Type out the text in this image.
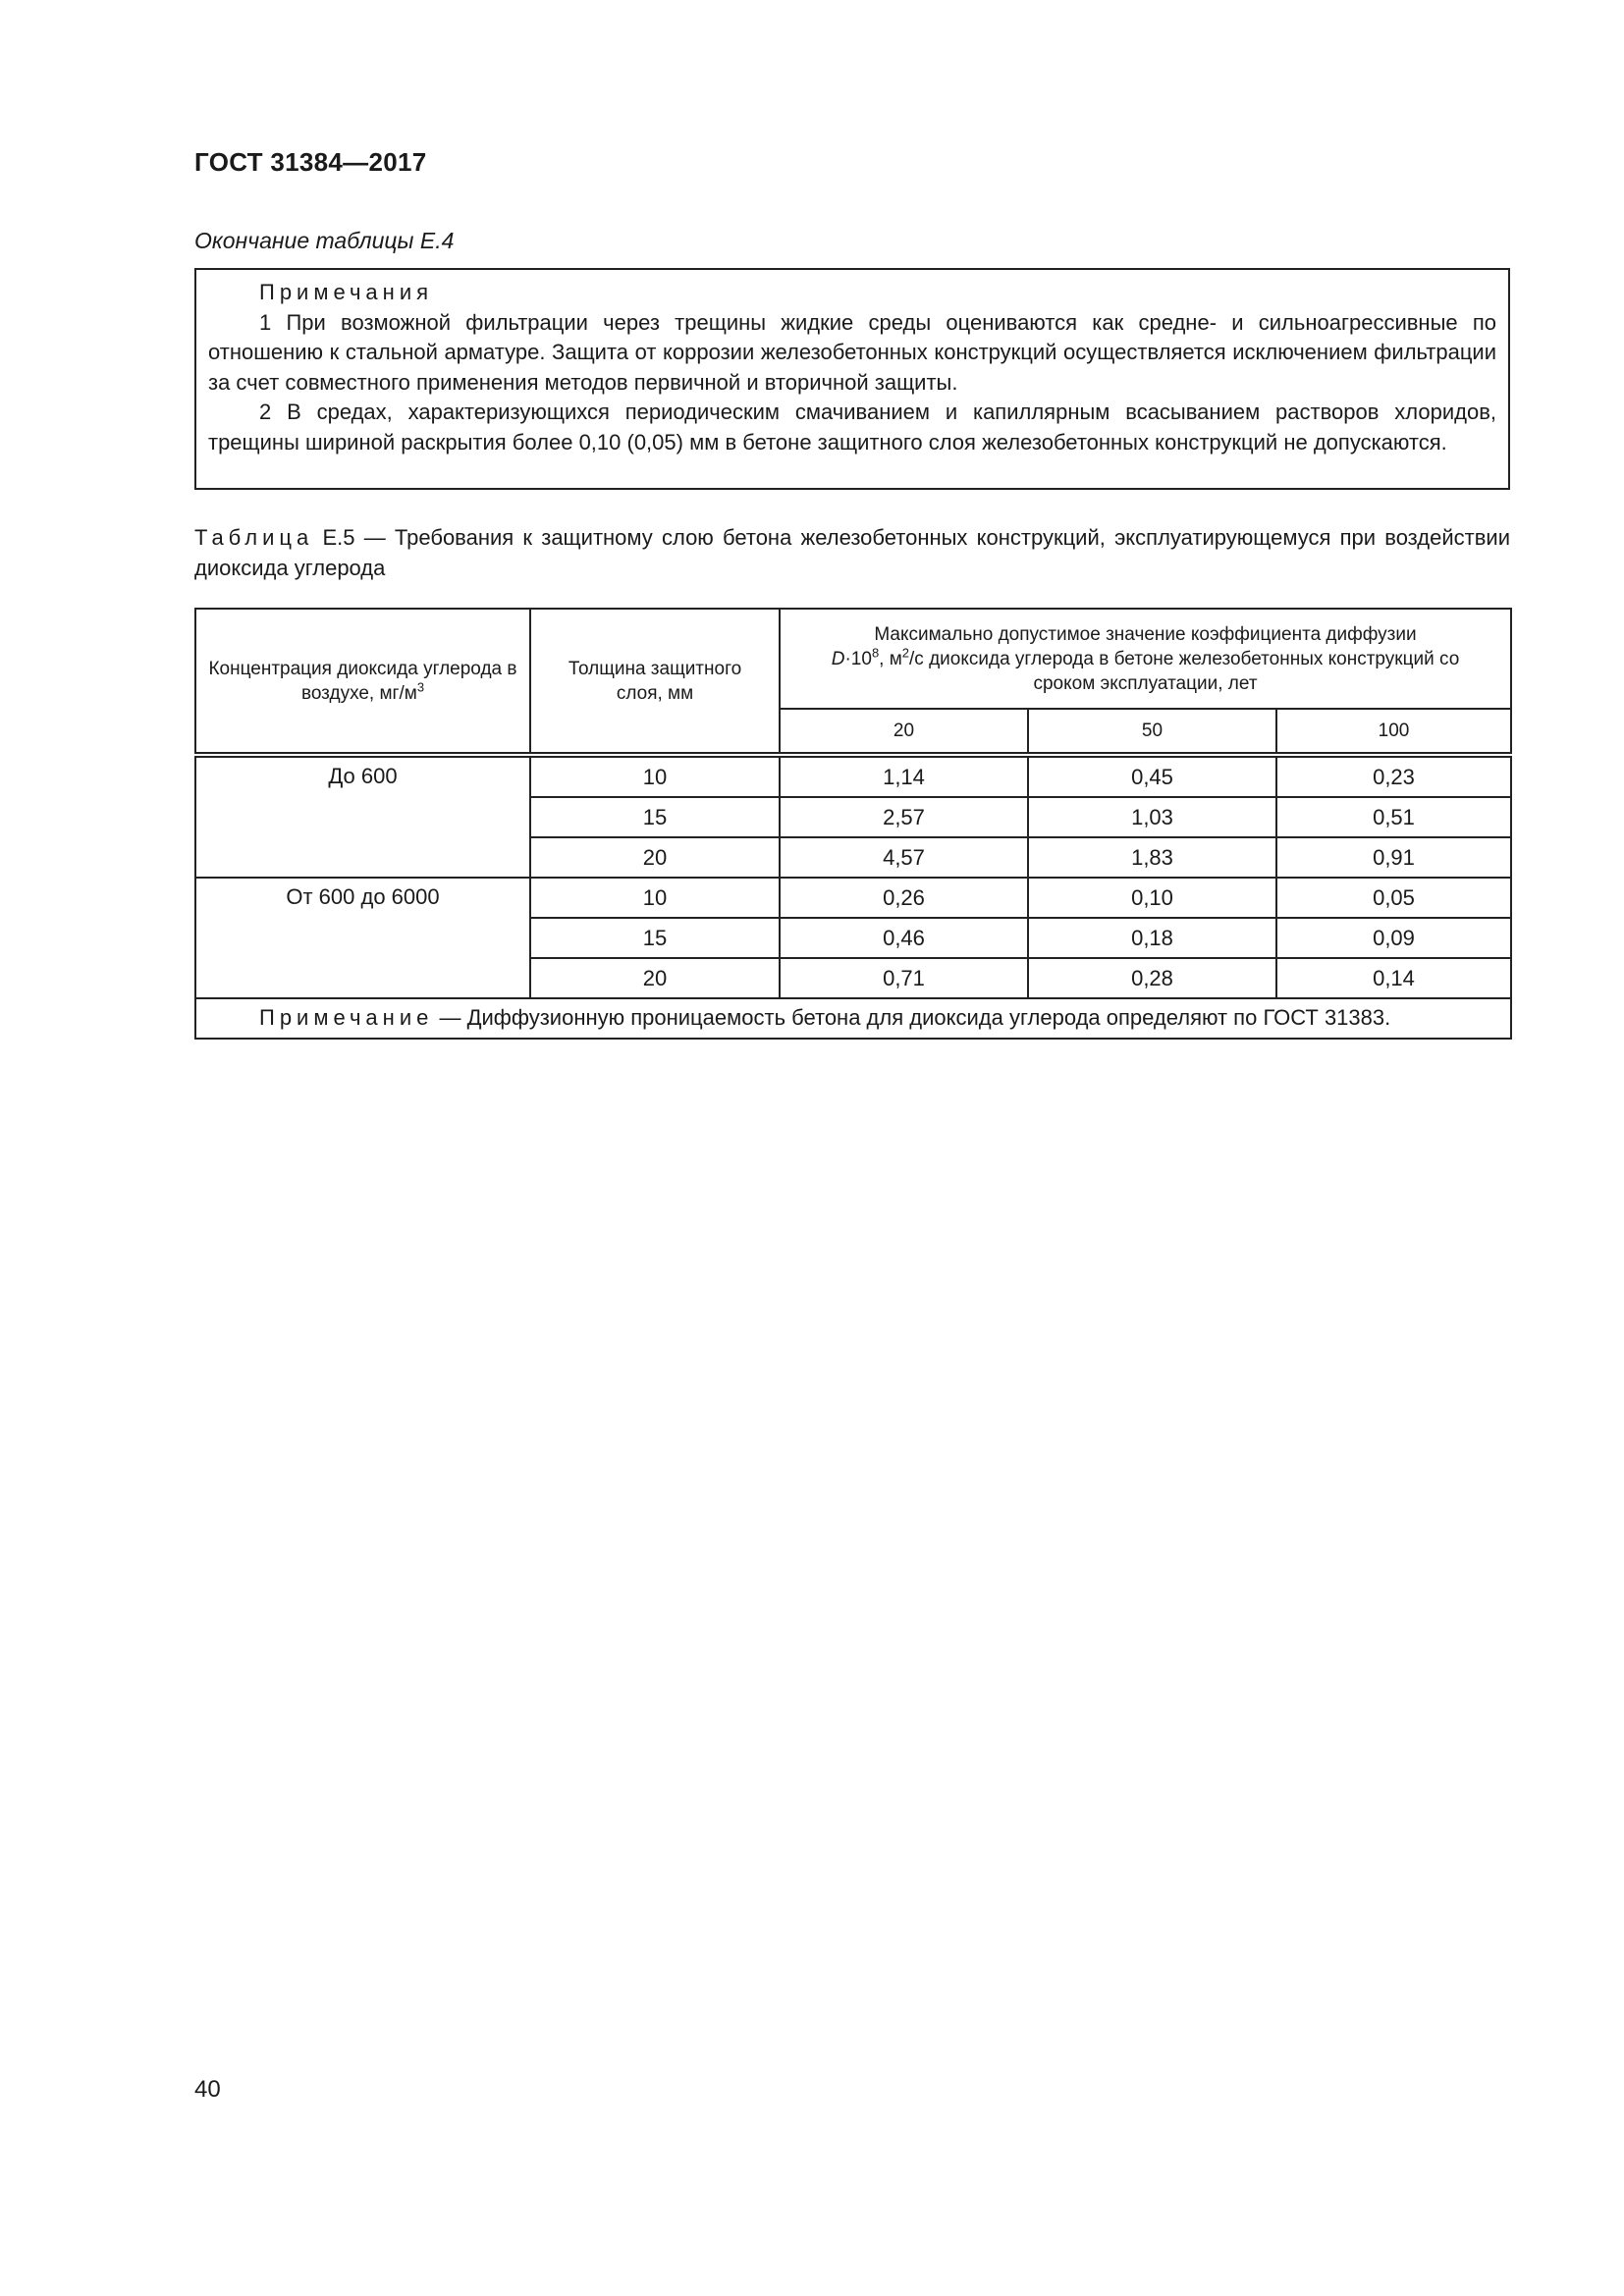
ГОСТ 31384—2017
Окончание таблицы Е.4
Примечания

1 При возможной фильтрации через трещины жидкие среды оцениваются как средне- и сильноагрессивные по отношению к стальной арматуре. Защита от коррозии железобетонных конструкций осуществляется исключением фильтрации за счет совместного применения методов первичной и вторичной защиты.

2 В средах, характеризующихся периодическим смачиванием и капиллярным всасыванием растворов хлоридов, трещины шириной раскрытия более 0,10 (0,05) мм в бетоне защитного слоя железобетонных конструкций не допускаются.

Таблица Е.5 — Требования к защитному слою бетона железобетонных конструкций, эксплуатирующемуся при воздействии диоксида углерода
Концентрация диоксида углерода в воздухе, $мг/м^3$	Толщина защитного слоя, мм	Максимально допустимое значение коэффициента диффузии
$D\cdot 10^8$, $м^2/с$ диоксида углерода в бетоне железобетонных конструкций со сроком эксплуатации, лет		
		20	50	100
До 600	10	1,14	0,45	0,23
	15	2,57	1,03	0,51
	20	4,57	1,83	0,91
От 600 до 6000	10	0,26	0,10	0,05
	15	0,46	0,18	0,09
	20	0,71	0,28	0,14
Примечание — Диффузионную проницаемость бетона для диоксида углерода определяют по ГОСТ 31383.				
40
